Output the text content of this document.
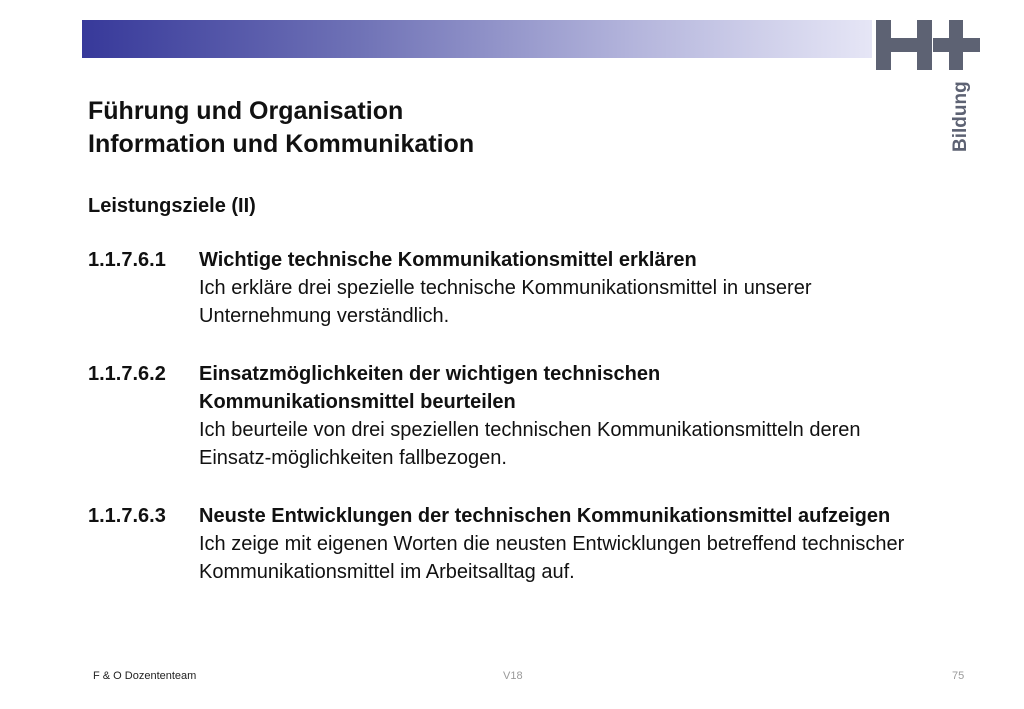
Bildung
Führung und Organisation
Information und Kommunikation
Leistungsziele (II)
1.1.7.6.1 Wichtige technische Kommunikationsmittel erklären
Ich erkläre drei spezielle technische Kommunikationsmittel in unserer Unternehmung verständlich.
1.1.7.6.2 Einsatzmöglichkeiten der wichtigen technischen Kommunikationsmittel beurteilen
Ich beurteile von drei speziellen technischen Kommunikationsmitteln deren Einsatz-möglichkeiten fallbezogen.
1.1.7.6.3 Neuste Entwicklungen der technischen Kommunikationsmittel aufzeigen
Ich zeige mit eigenen Worten die neusten Entwicklungen betreffend technischer Kommunikationsmittel im Arbeitsalltag auf.
F & O Dozententeam	V18	75
